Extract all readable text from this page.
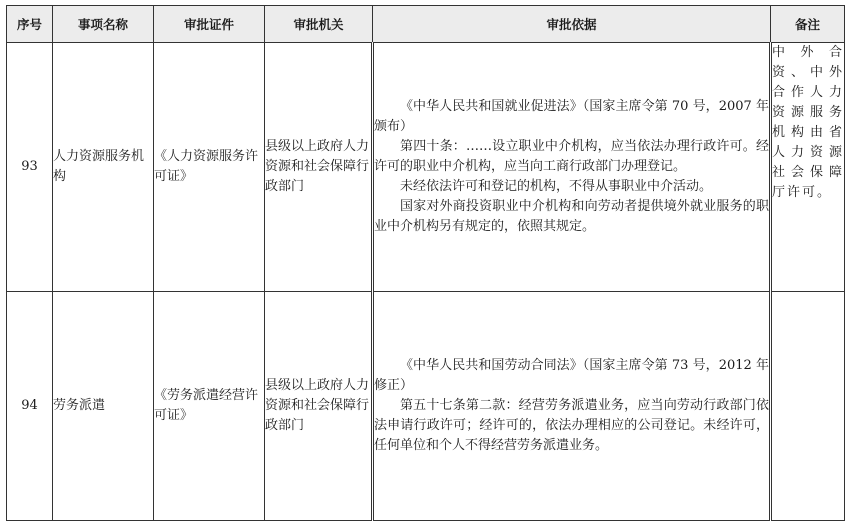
序号	事项名称	审批证件	审批机关	审批依据	备注
93	人力资源服务机构	《人力资源服务许可证》	县级以上政府人力资源和社会保障行政部门	《中华人民共和国就业促进法》（国家主席令第 70 号，2007 年颁布）

第四十条：……设立职业中介机构，应当依法办理行政许可。经许可的职业中介机构，应当向工商行政部门办理登记。

未经依法许可和登记的机构，不得从事职业中介活动。

国家对外商投资职业中介机构和向劳动者提供境外就业服务的职业中介机构另有规定的，依照其规定。	中外合资、中外合作人力资源服务机构由省人力资源社会保障厅许可。
94	劳务派遣	《劳务派遣经营许可证》	县级以上政府人力资源和社会保障行政部门	《中华人民共和国劳动合同法》（国家主席令第 73 号，2012 年修正）

第五十七条第二款：经营劳务派遣业务，应当向劳动行政部门依法申请行政许可；经许可的，依法办理相应的公司登记。未经许可，任何单位和个人不得经营劳务派遣业务。	
